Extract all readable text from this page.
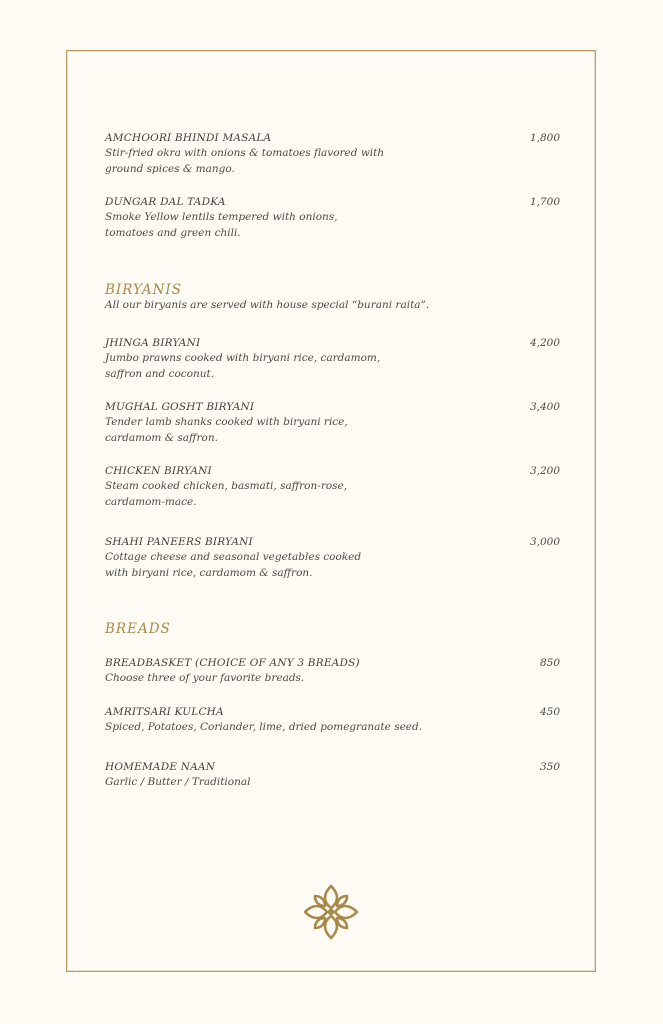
AMCHOORI BHINDI MASALA	1,800
Stir-fried okra with onions & tomatoes flavored with ground spices & mango.
DUNGAR DAL TADKA	1,700
Smoke Yellow lentils tempered with onions, tomatoes and green chili.
BIRYANIS
All our biryanis are served with house special “burani raita”.
JHINGA BIRYANI	4,200
Jumbo prawns cooked with biryani rice, cardamom, saffron and coconut.
MUGHAL GOSHT BIRYANI	3,400
Tender lamb shanks cooked with biryani rice, cardamom & saffron.
CHICKEN BIRYANI	3,200
Steam cooked chicken, basmati, saffron-rose, cardamom-mace.
SHAHI PANEERS BIRYANI	3,000
Cottage cheese and seasonal vegetables cooked with biryani rice, cardamom & saffron.
BREADS
BREADBASKET (CHOICE OF ANY 3 BREADS)	850
Choose three of your favorite breads.
AMRITSARI KULCHA	450
Spiced, Potatoes, Coriander, lime, dried pomegranate seed.
HOMEMADE NAAN	350
Garlic / Butter / Traditional
